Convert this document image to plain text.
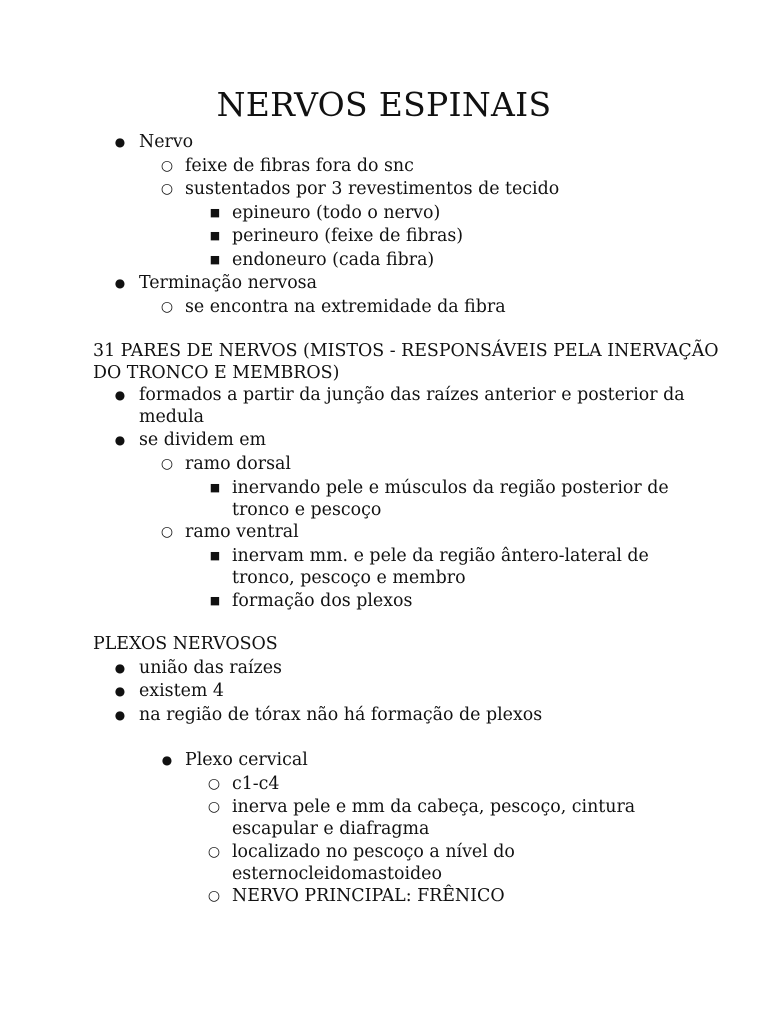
NERVOS ESPINAIS
● Nervo
○ feixe de fibras fora do snc
○ sustentados por 3 revestimentos de tecido
■ epineuro (todo o nervo)
■ perineuro (feixe de fibras)
■ endoneuro (cada fibra)
● Terminação nervosa
○ se encontra na extremidade da fibra
31 PARES DE NERVOS (MISTOS - RESPONSÁVEIS PELA INERVAÇÃO
DO TRONCO E MEMBROS)
● formados a partir da junção das raízes anterior e posterior da
medula
● se dividem em
○ ramo dorsal
■ inervando pele e músculos da região posterior de
tronco e pescoço
○ ramo ventral
■ inervam mm. e pele da região ântero-lateral de
tronco, pescoço e membro
■ formação dos plexos
PLEXOS NERVOSOS
● união das raízes
● existem 4
● na região de tórax não há formação de plexos
● Plexo cervical
○ c1-c4
○ inerva pele e mm da cabeça, pescoço, cintura
escapular e diafragma
○ localizado no pescoço a nível do
esternocleidomastoideo
○ NERVO PRINCIPAL: FRÊNICO
